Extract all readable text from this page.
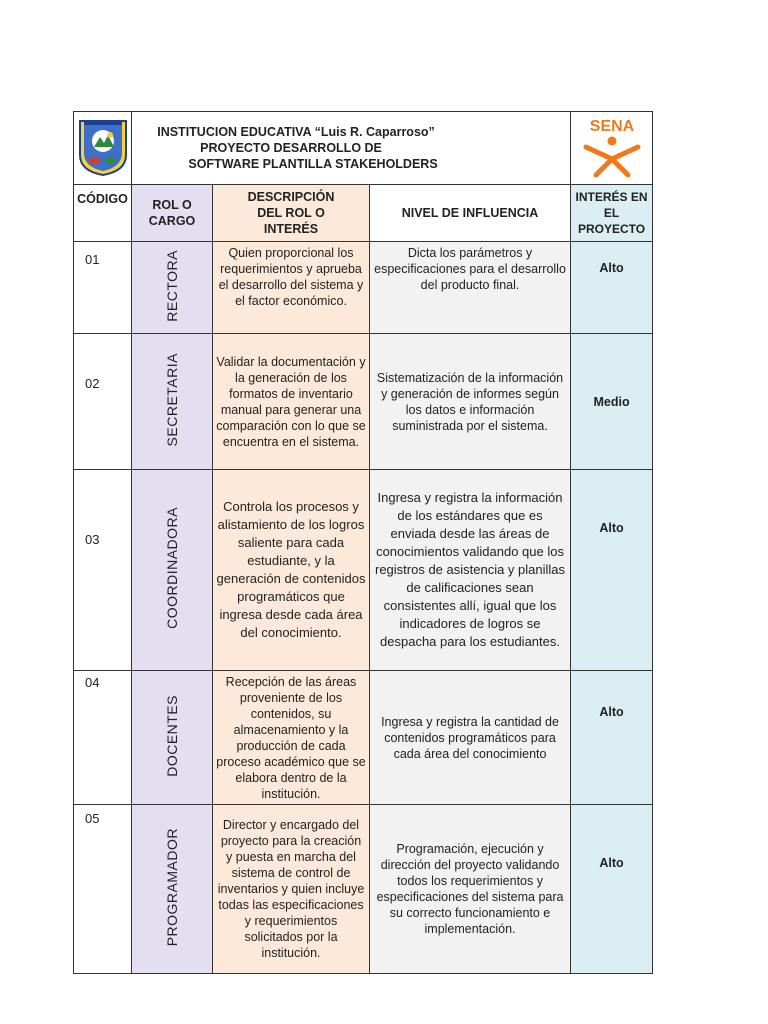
INSTITUCION EDUCATIVA “Luis R. Caparroso”
PROYECTO DESARROLLO DE
SOFTWARE PLANTILLA STAKEHOLDERS			SENA

CÓDIGO	ROL O CARGO	DESCRIPCIÓN DEL ROL O INTERÉS	NIVEL DE INFLUENCIA	INTERÉS EN EL PROYECTO

01	RECTORA	Quien proporcional los requerimientos y aprueba el desarrollo del sistema y el factor económico.	Dicta los parámetros y especificaciones para el desarrollo del producto final.	Alto

02	SECRETARIA	Validar la documentación y la generación de los formatos de inventario manual para generar una comparación con lo que se encuentra en el sistema.	Sistematización de la información y generación de informes según los datos e información suministrada por el sistema.	Medio

03	COORDINADORA	Controla los procesos y alistamiento de los logros saliente para cada estudiante, y la generación de contenidos programáticos que ingresa desde cada área del conocimiento.	Ingresa y registra la información de los estándares que es enviada desde las áreas de conocimientos validando que los registros de asistencia y planillas de calificaciones sean consistentes allí, igual que los indicadores de logros se despacha para los estudiantes.	Alto

04	DOCENTES	Recepción de las áreas proveniente de los contenidos, su almacenamiento y la producción de cada proceso académico que se elabora dentro de la institución.	Ingresa y registra la cantidad de contenidos programáticos para cada área del conocimiento	Alto

05	PROGRAMADOR	Director y encargado del proyecto para la creación y puesta en marcha del sistema de control de inventarios y quien incluye todas las especificaciones y requerimientos solicitados por la institución.	Programación, ejecución y dirección del proyecto validando todos los requerimientos y especificaciones del sistema para su correcto funcionamiento e implementación.	Alto
